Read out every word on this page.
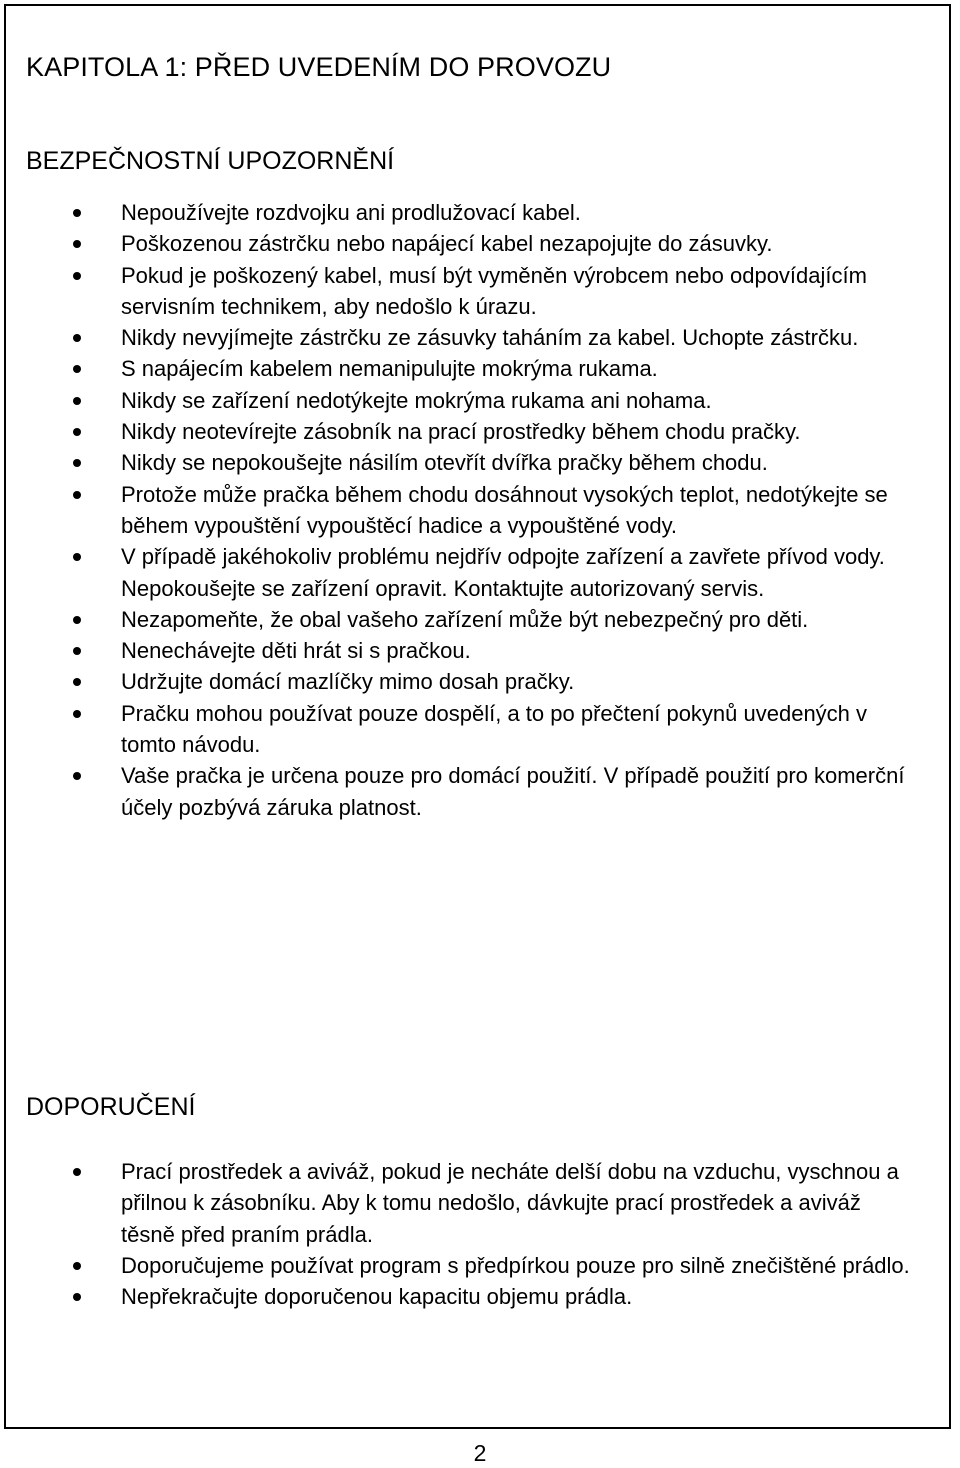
KAPITOLA 1: PŘED UVEDENÍM DO PROVOZU
BEZPEČNOSTNÍ UPOZORNĚNÍ
Nepoužívejte rozdvojku ani prodlužovací kabel.
Poškozenou zástrčku nebo napájecí kabel nezapojujte do zásuvky.
Pokud je poškozený kabel, musí být vyměněn výrobcem nebo odpovídajícím servisním technikem, aby nedošlo k úrazu.
Nikdy nevyjímejte zástrčku ze zásuvky taháním za kabel. Uchopte zástrčku.
S napájecím kabelem nemanipulujte mokrýma rukama.
Nikdy se zařízení nedotýkejte mokrýma rukama ani nohama.
Nikdy neotevírejte zásobník na prací prostředky během chodu pračky.
Nikdy se nepokoušejte násilím otevřít dvířka pračky během chodu.
Protože může pračka během chodu dosáhnout vysokých teplot, nedotýkejte se během vypouštění vypouštěcí hadice a vypouštěné vody.
V případě jakéhokoliv problému nejdřív odpojte zařízení a zavřete přívod vody. Nepokoušejte se zařízení opravit. Kontaktujte autorizovaný servis.
Nezapomeňte, že obal vašeho zařízení může být nebezpečný pro děti.
Nenechávejte děti hrát si s pračkou.
Udržujte domácí mazlíčky mimo dosah pračky.
Pračku mohou používat pouze dospělí, a to po přečtení pokynů uvedených v tomto návodu.
Vaše pračka je určena pouze pro domácí použití. V případě použití pro komerční účely pozbývá záruka platnost.
DOPORUČENÍ
Prací prostředek a aviváž, pokud je necháte delší dobu na vzduchu, vyschnou a přilnou k zásobníku. Aby k tomu nedošlo, dávkujte prací prostředek a aviváž těsně před praním prádla.
Doporučujeme používat program s předpírkou pouze pro silně znečištěné prádlo.
Nepřekračujte doporučenou kapacitu objemu prádla.
2
